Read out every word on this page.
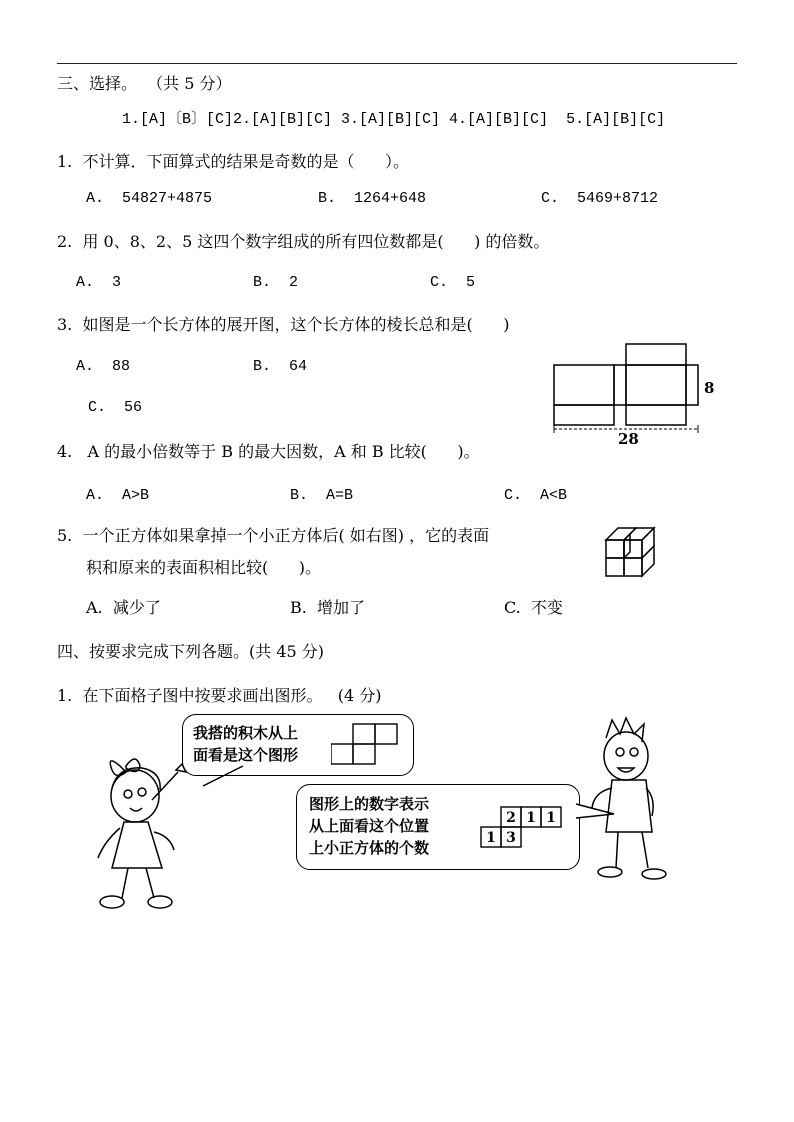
三、选择。  （共 5 分）
1.[A]〔B〕[C]2.[A][B][C] 3.[A][B][C] 4.[A][B][C]  5.[A][B][C]
1.  不计算．下面算式的结果是奇数的是（      ）。
A.  54827+4875	B.  1264+648	C.  5469+8712
2.  用 0、8、2、5 这四个数字组成的所有四位数都是(      ) 的倍数。
A.  3	B.  2	C.  5
3.  如图是一个长方体的展开图，这个长方体的棱长总和是(      )
A.  88	B.  64
C.  56
8
28
4.   A 的最小倍数等于 B 的最大因数，A 和 B 比较(      )。
A.  A>B	B.  A=B	C.  A<B
5.  一个正方体如果拿掉一个小正方体后( 如右图) ，它的表面
积和原来的表面积相比较(      )。
A.  减少了	B.  增加了	C.  不变
四、按要求完成下列各题。(共 45 分)
1.  在下面格子图中按要求画出图形。   (4 分)
我搭的积木从上
面看是这个图形
图形上的数字表示
从上面看这个位置
上小正方体的个数
2 1 1
1 3
